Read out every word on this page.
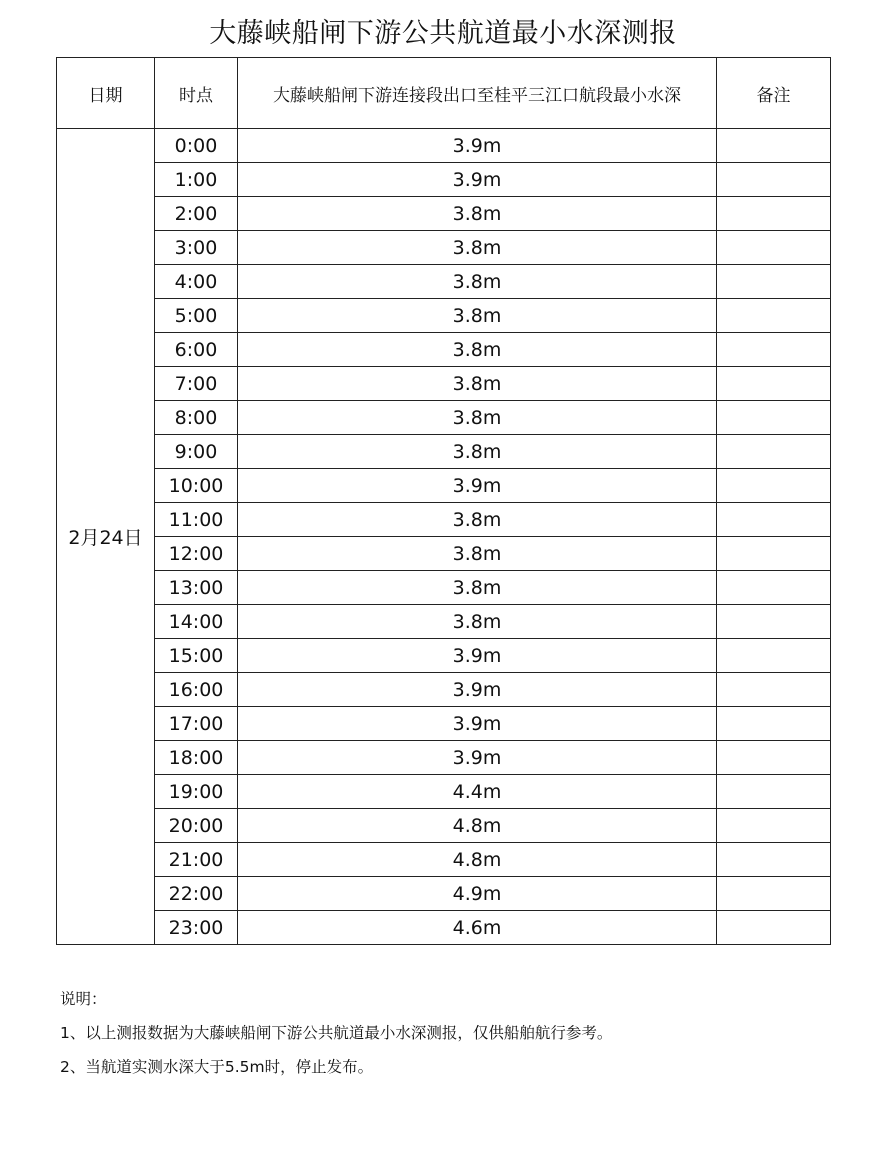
大藤峡船闸下游公共航道最小水深测报
日期	时点	大藤峡船闸下游连接段出口至桂平三江口航段最小水深	备注
2月24日	0:00	3.9m	
	1:00	3.9m	
	2:00	3.8m	
	3:00	3.8m	
	4:00	3.8m	
	5:00	3.8m	
	6:00	3.8m	
	7:00	3.8m	
	8:00	3.8m	
	9:00	3.8m	
	10:00	3.9m	
	11:00	3.8m	
	12:00	3.8m	
	13:00	3.8m	
	14:00	3.8m	
	15:00	3.9m	
	16:00	3.9m	
	17:00	3.9m	
	18:00	3.9m	
	19:00	4.4m	
	20:00	4.8m	
	21:00	4.8m	
	22:00	4.9m	
	23:00	4.6m	

说明：

1、以上测报数据为大藤峡船闸下游公共航道最小水深测报，仅供船舶航行参考。

2、当航道实测水深大于5.5m时，停止发布。
